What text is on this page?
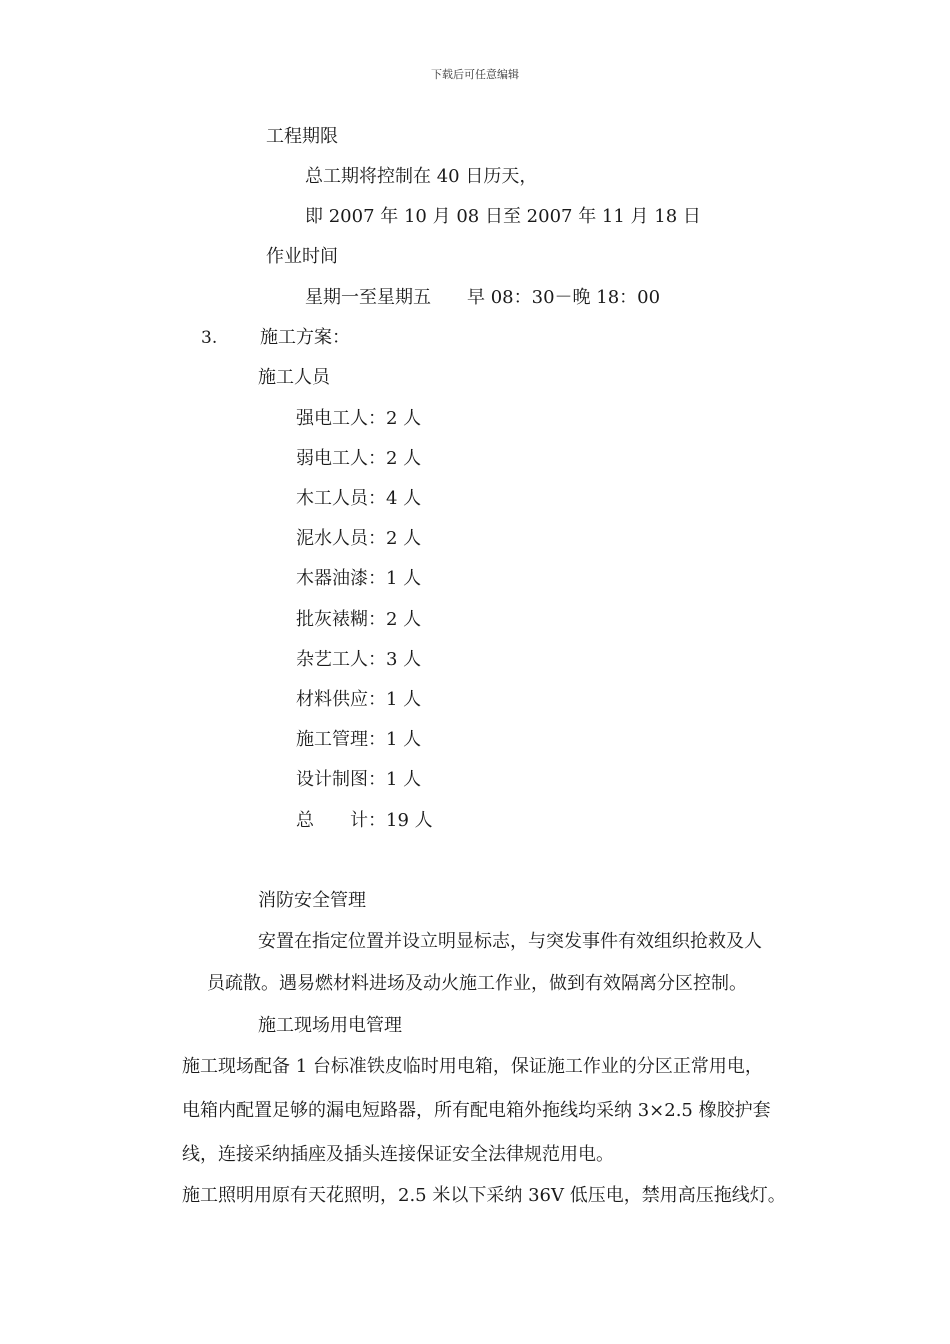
下载后可任意编辑
工程期限
总工期将控制在 40 日历天，
即 2007 年 10 月 08 日至 2007 年 11 月 18 日
作业时间
星期一至星期五　　早 08：30－晚 18：00
3. 施工方案：
施工人员
强电工人：2 人
弱电工人：2 人
木工人员：4 人
泥水人员：2 人
木器油漆：1 人
批灰裱糊：2 人
杂艺工人：3 人
材料供应：1 人
施工管理：1 人
设计制图：1 人
总　　计：19 人
消防安全管理
安置在指定位置并设立明显标志，与突发事件有效组织抢救及人
员疏散。遇易燃材料进场及动火施工作业，做到有效隔离分区控制。
施工现场用电管理
施工现场配备 1 台标准铁皮临时用电箱，保证施工作业的分区正常用电，
电箱内配置足够的漏电短路器，所有配电箱外拖线均采纳 3×2.5 橡胶护套
线，连接采纳插座及插头连接保证安全法律规范用电。
施工照明用原有天花照明，2.5 米以下采纳 36V 低压电，禁用高压拖线灯。
